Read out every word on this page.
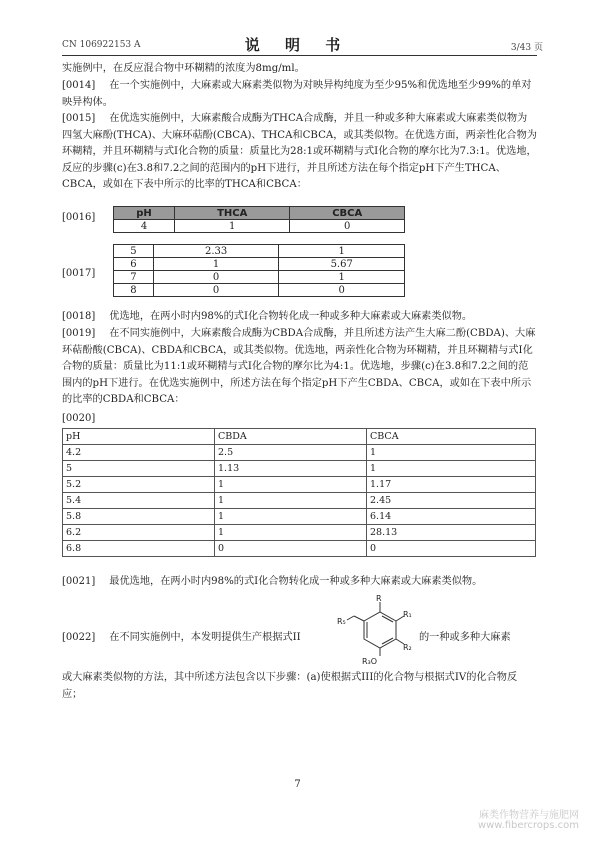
CN 106922153 A	说 明 书	3/43 页
实施例中，在反应混合物中环糊精的浓度为8mg/ml。
[0014] 在一个实施例中，大麻素或大麻素类似物为对映异构纯度为至少95%和优选地至少99%的单对映异构体。
[0015] 在优选实施例中，大麻素酸合成酶为THCA合成酶，并且一种或多种大麻素或大麻素类似物为四氢大麻酚(THCA)、大麻环萜酚(CBCA)、THCA和CBCA，或其类似物。在优选方面，两亲性化合物为环糊精，并且环糊精与式I化合物的质量：质量比为28:1或环糊精与式I化合物的摩尔比为7.3:1。优选地，反应的步骤(c)在3.8和7.2之间的范围内的pH下进行，并且所述方法在每个指定pH下产生THCA、CBCA，或如在下表中所示的比率的THCA和CBCA：
[0016]	pH	THCA	CBCA
4	1	0
[0017]
5	2.33	1
6	1	5.67
7	0	1
8	0	0
[0018] 优选地，在两小时内98%的式I化合物转化成一种或多种大麻素或大麻素类似物。
[0019] 在不同实施例中，大麻素酸合成酶为CBDA合成酶，并且所述方法产生大麻二酚(CBDA)、大麻环萜酚酸(CBCA)、CBDA和CBCA，或其类似物。优选地，两亲性化合物为环糊精，并且环糊精与式I化合物的质量：质量比为11:1或环糊精与式I化合物的摩尔比为4:1。优选地，步骤(c)在3.8和7.2之间的范围内的pH下进行。在优选实施例中，所述方法在每个指定pH下产生CBDA、CBCA，或如在下表中所示的比率的CBDA和CBCA：
[0020]
pH	CBDA	CBCA
4.2	2.5	1
5	1.13	1
5.2	1	1.17
5.4	1	2.45
5.8	1	6.14
6.2	1	28.13
6.8	0	0
[0021] 最优选地，在两小时内98%的式I化合物转化成一种或多种大麻素或大麻素类似物。
[0022] 在不同实施例中，本发明提供生产根据式II
R
R₁
R₂
R₃O
R₅
的一种或多种大麻素
或大麻素类似物的方法，其中所述方法包含以下步骤：(a)使根据式III的化合物与根据式IV的化合物反应；
7
麻类作物营养与施肥网
www.fibercrops.com
